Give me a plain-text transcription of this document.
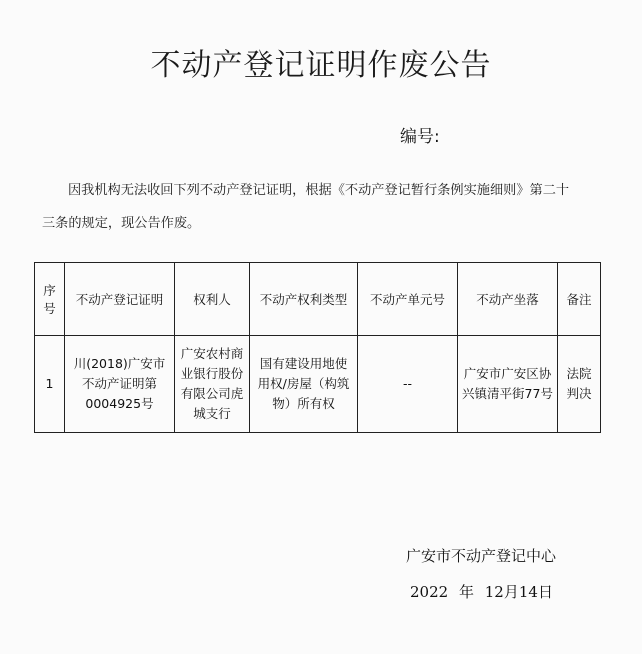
不动产登记证明作废公告
编号:
因我机构无法收回下列不动产登记证明，根据《不动产登记暂行条例实施细则》第二十
三条的规定，现公告作废。
序号	不动产登记证明	权利人	不动产权利类型	不动产单元号	不动产坐落	备注
1	川(2018)广安市不动产证明第0004925号	广安农村商业银行股份有限公司虎城支行	国有建设用地使用权/房屋（构筑物）所有权	--	广安市广安区协兴镇清平街77号	法院判决
广安市不动产登记中心
2022 年 12月14日
